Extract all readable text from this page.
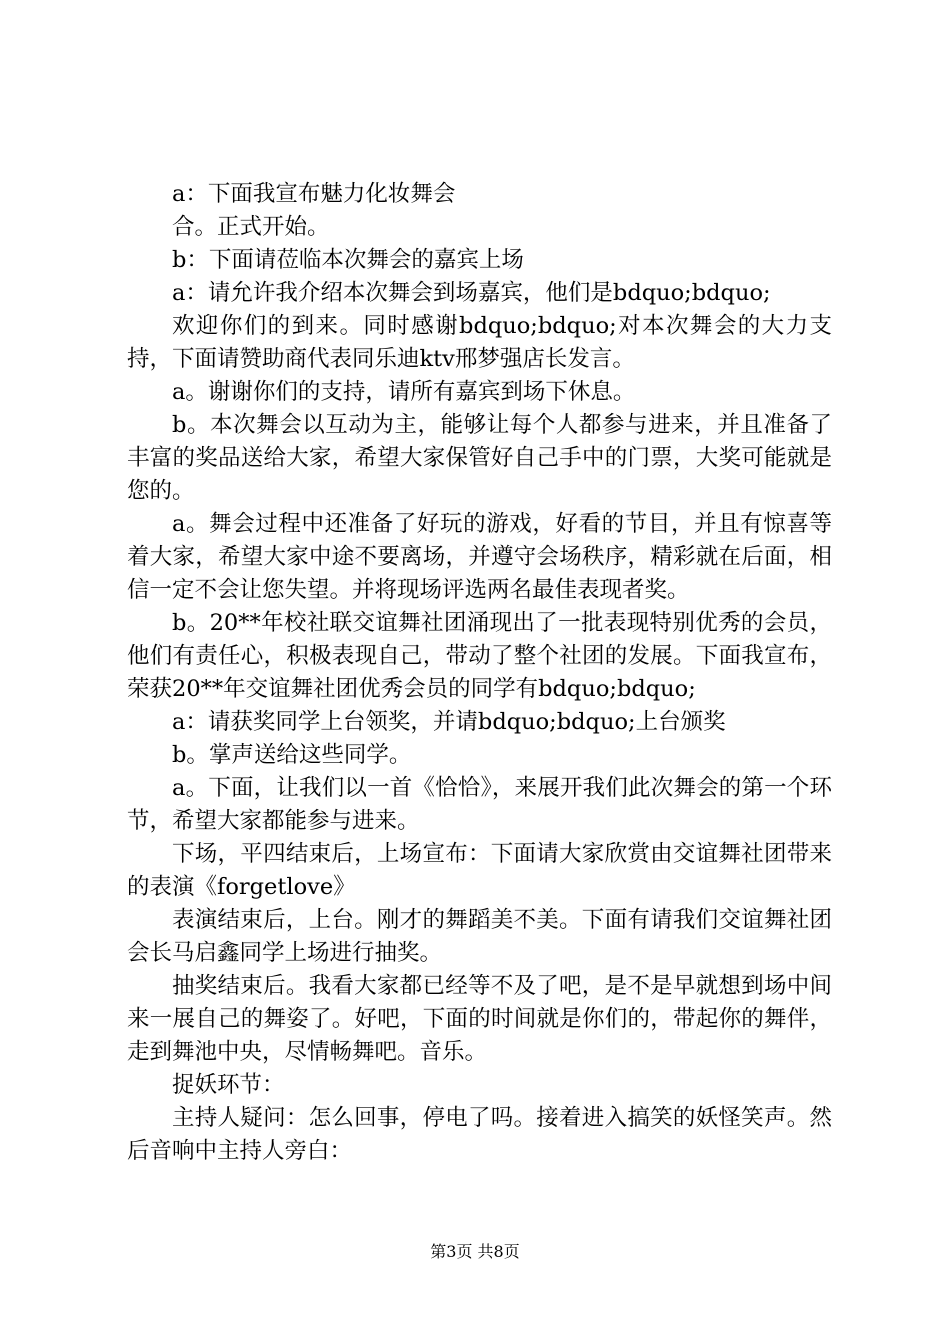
a：下面我宣布魅力化妆舞会

合。正式开始。

b：下面请莅临本次舞会的嘉宾上场

a：请允许我介绍本次舞会到场嘉宾，他们是bdquo;bdquo;

欢迎你们的到来。同时感谢bdquo;bdquo;对本次舞会的大力支持，下面请赞助商代表同乐迪ktv邢梦强店长发言。

a。谢谢你们的支持，请所有嘉宾到场下休息。

b。本次舞会以互动为主，能够让每个人都参与进来，并且准备了丰富的奖品送给大家，希望大家保管好自己手中的门票，大奖可能就是您的。

a。舞会过程中还准备了好玩的游戏，好看的节目，并且有惊喜等着大家，希望大家中途不要离场，并遵守会场秩序，精彩就在后面，相信一定不会让您失望。并将现场评选两名最佳表现者奖。

b。20**年校社联交谊舞社团涌现出了一批表现特别优秀的会员，他们有责任心，积极表现自己，带动了整个社团的发展。下面我宣布，荣获20**年交谊舞社团优秀会员的同学有bdquo;bdquo;

a：请获奖同学上台领奖，并请bdquo;bdquo;上台颁奖

b。掌声送给这些同学。

a。下面，让我们以一首《恰恰》，来展开我们此次舞会的第一个环节，希望大家都能参与进来。

下场，平四结束后，上场宣布：下面请大家欣赏由交谊舞社团带来的表演《forgetlove》

表演结束后，上台。刚才的舞蹈美不美。下面有请我们交谊舞社团会长马启鑫同学上场进行抽奖。

抽奖结束后。我看大家都已经等不及了吧，是不是早就想到场中间来一展自己的舞姿了。好吧，下面的时间就是你们的，带起你的舞伴，走到舞池中央，尽情畅舞吧。音乐。

捉妖环节：

主持人疑问：怎么回事，停电了吗。接着进入搞笑的妖怪笑声。然后音响中主持人旁白：

第3页 共8页
